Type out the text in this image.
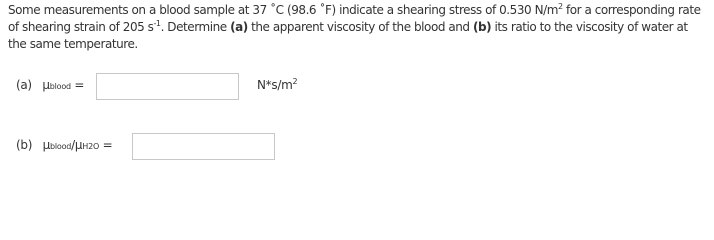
Some measurements on a blood sample at 37 ˚C (98.6 ˚F) indicate a shearing stress of 0.530 $N/m^2$ for a corresponding rate of shearing strain of 205 $s^{-1}$. Determine (a) the apparent viscosity of the blood and (b) its ratio to the viscosity of water at the same temperature.
(a) μblood =	$N*s/m^2$
(b) μblood/μH2O =
